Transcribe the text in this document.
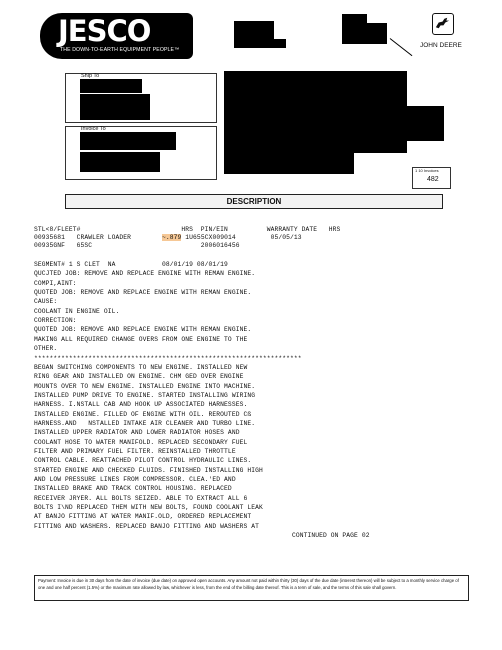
JESCO
THE DOWN-TO-EARTH EQUIPMENT PEOPLE™
JOHN DEERE
Ship To
Invoice To
1 10 Invoices
482
DESCRIPTION
STL<8/FLEET#                          HRS  PIN/EIN          WARRANTY DATE   HRS
00935681   CRAWLER LOADER	~.879 1U655CX009014         05/05/13
00935GNF   65SC                            2006016456
SEGMENT# 1 S CLET  NA            08/01/19 08/01/19
QUCJTED JOB: REMOVE AND REPLACE ENGINE WITH REMAN ENGINE.
COMPI,AINT:
QUOTED JOB: REMOVE AND REPLACE ENGINE WITH REMAN ENGINE.
CAUSE:
COOLANT IN ENGINE OIL.
CORRECTION:
QUOTED JOB: REMOVE AND REPLACE ENGINE WITH REMAN ENGINE.
MAKING ALL REQUIRED CHANGE OVERS FROM ONE ENGINE TO THE
OTHER.
*********************************************************************
BEGAN SWITCHING COMPONENTS TO NEW ENGINE. INSTALLED NEW
RING GEAR AND INSTALLED ON ENGINE. CHM GED OVER ENGINE
MOUNTS OVER TO NEW ENGINE. INSTALLED ENGINE INTO MACHINE.
INSTALLED PUMP DRIVE TO ENGINE. STARTED INSTALLING WIRING
HARNESS. I.NSTALL CAB AND HOOK UP ASSOCIATED HARNESSES.
INSTALLED ENGINE. FILLED OF ENGINE WITH OIL. REROUTED Cß
HARNESS.AND   NSTALLED INTAKE AIR CLEANER AND TURBO LINE.
INSTALLED UPPER RADIATOR AND LOWER RADIATOR HOSES AND
COOLANT HOSE TO WATER MANIFOLD. REPLACED SECONDARY FUEL
FILTER AND PRIMARY FUEL FILTER. REINSTALLED THROTTLE
CONTROL CABLE. REATTACHED PILOT CONTROL HYDRAULIC LINES.
STARTED ENGINE AND CHECKED FLUIDS. FINISHED INSTALLING HIGH
AND LOW PRESSURE LINES FROM COMPRESSOR. CLEA.'ED AND
INSTALLED BRAKE AND TRACK CONTROL HOUSING. REPLACED
RECEIVER JRYER. ALL BOLTS SEIZED. ABLE TO EXTRACT ALL 6
BOLTS I\ND REPLACED THEM WITH NEW BOLTS, FOUND COOLANT LEAK
AT BANJO FITTING AT WATER MANIF.OLD, ORDERED REPLACEMENT
FITTING AND WASHERS. REPLACED BANJO FITTING AND WASHERS AT
CONTINUED ON PAGE 02
Payment: Invoice is due in 30 days from the date of invoice (due date) on approved open accounts. Any amount not paid within thirty (30) days of the due date (interest thereon) will be subject to a monthly service charge of one and one half percent (1.5%) or the maximum rate allowed by law, whichever is less, from the end of the billing date thereof. This is a term of sale, and the terms of this sale shall govern.
